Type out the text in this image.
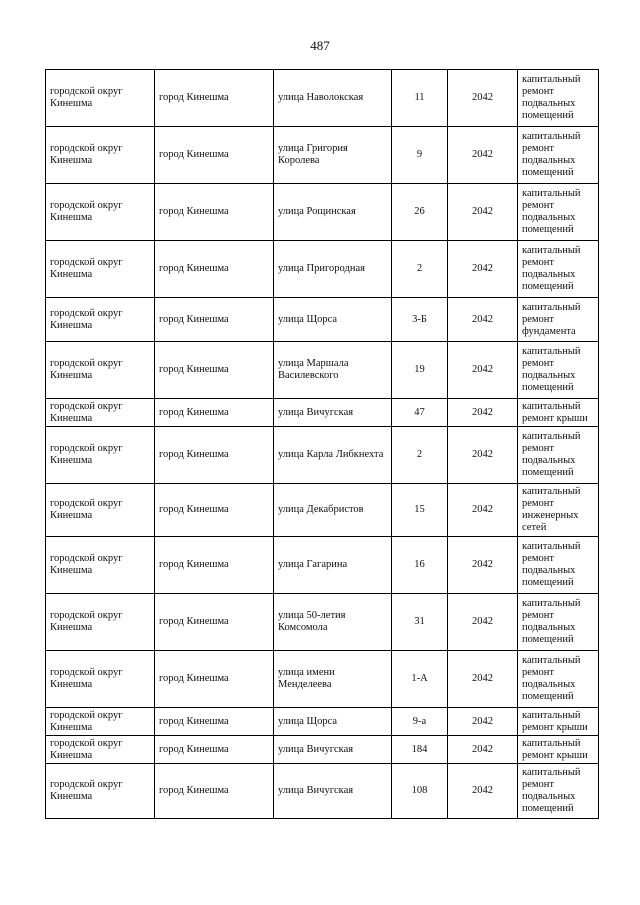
487
городской округ Кинешма	город Кинешма	улица Наволокская	11	2042	капитальный ремонт подвальных помещений
городской округ Кинешма	город Кинешма	улица Григория Королева	9	2042	капитальный ремонт подвальных помещений
городской округ Кинешма	город Кинешма	улица Рощинская	26	2042	капитальный ремонт подвальных помещений
городской округ Кинешма	город Кинешма	улица Пригородная	2	2042	капитальный ремонт подвальных помещений
городской округ Кинешма	город Кинешма	улица Щорса	3-Б	2042	капитальный ремонт фундамента
городской округ Кинешма	город Кинешма	улица Маршала Василевского	19	2042	капитальный ремонт подвальных помещений
городской округ Кинешма	город Кинешма	улица Вичугская	47	2042	капитальный ремонт крыши
городской округ Кинешма	город Кинешма	улица Карла Либкнехта	2	2042	капитальный ремонт подвальных помещений
городской округ Кинешма	город Кинешма	улица Декабристов	15	2042	капитальный ремонт инженерных сетей
городской округ Кинешма	город Кинешма	улица Гагарина	16	2042	капитальный ремонт подвальных помещений
городской округ Кинешма	город Кинешма	улица 50-летия Комсомола	31	2042	капитальный ремонт подвальных помещений
городской округ Кинешма	город Кинешма	улица имени Менделеева	1-А	2042	капитальный ремонт подвальных помещений
городской округ Кинешма	город Кинешма	улица Щорса	9-а	2042	капитальный ремонт крыши
городской округ Кинешма	город Кинешма	улица Вичугская	184	2042	капитальный ремонт крыши
городской округ Кинешма	город Кинешма	улица Вичугская	108	2042	капитальный ремонт подвальных помещений
